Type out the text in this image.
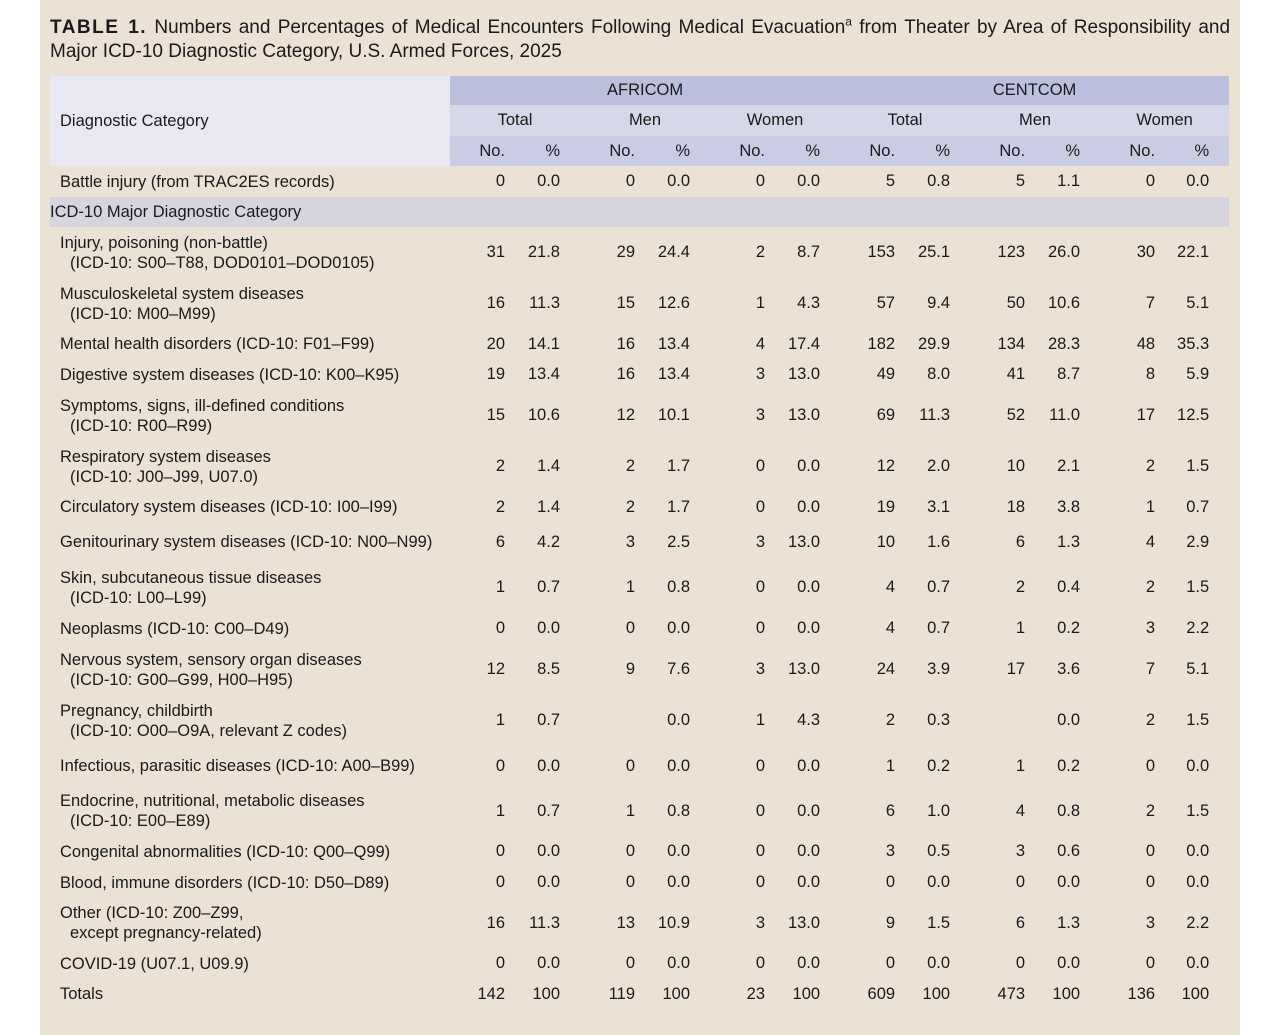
TABLE 1. Numbers and Percentages of Medical Encounters Following Medical Evacuation$^a$ from Theater by Area of Responsibility and Major ICD-10 Diagnostic Category, U.S. Armed Forces, 2025
Diagnostic Category	AFRICOM						CENTCOM					
	Total		Men		Women		Total		Men		Women	
	No.	%	No.	%	No.	%	No.	%	No.	%	No.	%
Battle injury (from TRAC2ES records)	0	0.0	0	0.0	0	0.0	5	0.8	5	1.1	0	0.0
ICD-10 Major Diagnostic Category												
Injury, poisoning (non-battle)
(ICD-10: S00–T88, DOD0101–DOD0105)	31	21.8	29	24.4	2	8.7	153	25.1	123	26.0	30	22.1
Musculoskeletal system diseases
(ICD-10: M00–M99)	16	11.3	15	12.6	1	4.3	57	9.4	50	10.6	7	5.1
Mental health disorders (ICD-10: F01–F99)	20	14.1	16	13.4	4	17.4	182	29.9	134	28.3	48	35.3
Digestive system diseases (ICD-10: K00–K95)	19	13.4	16	13.4	3	13.0	49	8.0	41	8.7	8	5.9
Symptoms, signs, ill-defined conditions
(ICD-10: R00–R99)	15	10.6	12	10.1	3	13.0	69	11.3	52	11.0	17	12.5
Respiratory system diseases
(ICD-10: J00–J99, U07.0)	2	1.4	2	1.7	0	0.0	12	2.0	10	2.1	2	1.5
Circulatory system diseases (ICD-10: I00–I99)	2	1.4	2	1.7	0	0.0	19	3.1	18	3.8	1	0.7
Genitourinary system diseases (ICD-10: N00–N99)	6	4.2	3	2.5	3	13.0	10	1.6	6	1.3	4	2.9
Skin, subcutaneous tissue diseases
(ICD-10: L00–L99)	1	0.7	1	0.8	0	0.0	4	0.7	2	0.4	2	1.5
Neoplasms (ICD-10: C00–D49)	0	0.0	0	0.0	0	0.0	4	0.7	1	0.2	3	2.2
Nervous system, sensory organ diseases
(ICD-10: G00–G99, H00–H95)	12	8.5	9	7.6	3	13.0	24	3.9	17	3.6	7	5.1
Pregnancy, childbirth
(ICD-10: O00–O9A, relevant Z codes)	1	0.7		0.0	1	4.3	2	0.3		0.0	2	1.5
Infectious, parasitic diseases (ICD-10: A00–B99)	0	0.0	0	0.0	0	0.0	1	0.2	1	0.2	0	0.0
Endocrine, nutritional, metabolic diseases
(ICD-10: E00–E89)	1	0.7	1	0.8	0	0.0	6	1.0	4	0.8	2	1.5
Congenital abnormalities (ICD-10: Q00–Q99)	0	0.0	0	0.0	0	0.0	3	0.5	3	0.6	0	0.0
Blood, immune disorders (ICD-10: D50–D89)	0	0.0	0	0.0	0	0.0	0	0.0	0	0.0	0	0.0
Other (ICD-10: Z00–Z99,
except pregnancy-related)	16	11.3	13	10.9	3	13.0	9	1.5	6	1.3	3	2.2
COVID-19 (U07.1, U09.9)	0	0.0	0	0.0	0	0.0	0	0.0	0	0.0	0	0.0
Totals	142	100	119	100	23	100	609	100	473	100	136	100
